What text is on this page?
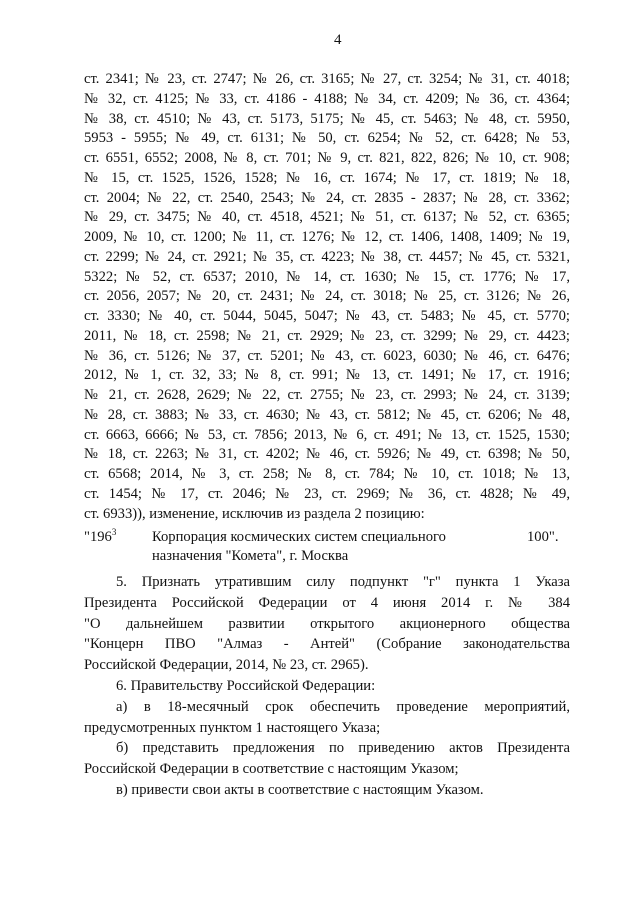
4
ст. 2341; № 23, ст. 2747; № 26, ст. 3165; № 27, ст. 3254; № 31, ст. 4018;
№ 32, ст. 4125; № 33, ст. 4186 - 4188; № 34, ст. 4209; № 36, ст. 4364;
№ 38, ст. 4510; № 43, ст. 5173, 5175; № 45, ст. 5463; № 48, ст. 5950,
5953 - 5955; № 49, ст. 6131; № 50, ст. 6254; № 52, ст. 6428; № 53,
ст. 6551, 6552; 2008, № 8, ст. 701; № 9, ст. 821, 822, 826; № 10, ст. 908;
№ 15, ст. 1525, 1526, 1528; № 16, ст. 1674; № 17, ст. 1819; № 18,
ст. 2004; № 22, ст. 2540, 2543; № 24, ст. 2835 - 2837; № 28, ст. 3362;
№ 29, ст. 3475; № 40, ст. 4518, 4521; № 51, ст. 6137; № 52, ст. 6365;
2009, № 10, ст. 1200; № 11, ст. 1276; № 12, ст. 1406, 1408, 1409; № 19,
ст. 2299; № 24, ст. 2921; № 35, ст. 4223; № 38, ст. 4457; № 45, ст. 5321,
5322; № 52, ст. 6537; 2010, № 14, ст. 1630; № 15, ст. 1776; № 17,
ст. 2056, 2057; № 20, ст. 2431; № 24, ст. 3018; № 25, ст. 3126; № 26,
ст. 3330; № 40, ст. 5044, 5045, 5047; № 43, ст. 5483; № 45, ст. 5770;
2011, № 18, ст. 2598; № 21, ст. 2929; № 23, ст. 3299; № 29, ст. 4423;
№ 36, ст. 5126; № 37, ст. 5201; № 43, ст. 6023, 6030; № 46, ст. 6476;
2012, № 1, ст. 32, 33; № 8, ст. 991; № 13, ст. 1491; № 17, ст. 1916;
№ 21, ст. 2628, 2629; № 22, ст. 2755; № 23, ст. 2993; № 24, ст. 3139;
№ 28, ст. 3883; № 33, ст. 4630; № 43, ст. 5812; № 45, ст. 6206; № 48,
ст. 6663, 6666; № 53, ст. 7856; 2013, № 6, ст. 491; № 13, ст. 1525, 1530;
№ 18, ст. 2263; № 31, ст. 4202; № 46, ст. 5926; № 49, ст. 6398; № 50,
ст. 6568; 2014, № 3, ст. 258; № 8, ст. 784; № 10, ст. 1018; № 13,
ст. 1454; № 17, ст. 2046; № 23, ст. 2969; № 36, ст. 4828; № 49,
ст. 6933)), изменение, исключив из раздела 2 позицию:
"$196^3$ Корпорация космических систем специального
назначения "Комета", г. Москва
100".
5. Признать утратившим силу подпункт "г" пункта 1 Указа
Президента Российской Федерации от 4 июня 2014 г. № 384
"О дальнейшем развитии открытого акционерного общества
"Концерн ПВО "Алмаз - Антей" (Собрание законодательства
Российской Федерации, 2014, № 23, ст. 2965).
6. Правительству Российской Федерации:
а) в 18-месячный срок обеспечить проведение мероприятий,
предусмотренных пунктом 1 настоящего Указа;
б) представить предложения по приведению актов Президента
Российской Федерации в соответствие с настоящим Указом;
в) привести свои акты в соответствие с настоящим Указом.
